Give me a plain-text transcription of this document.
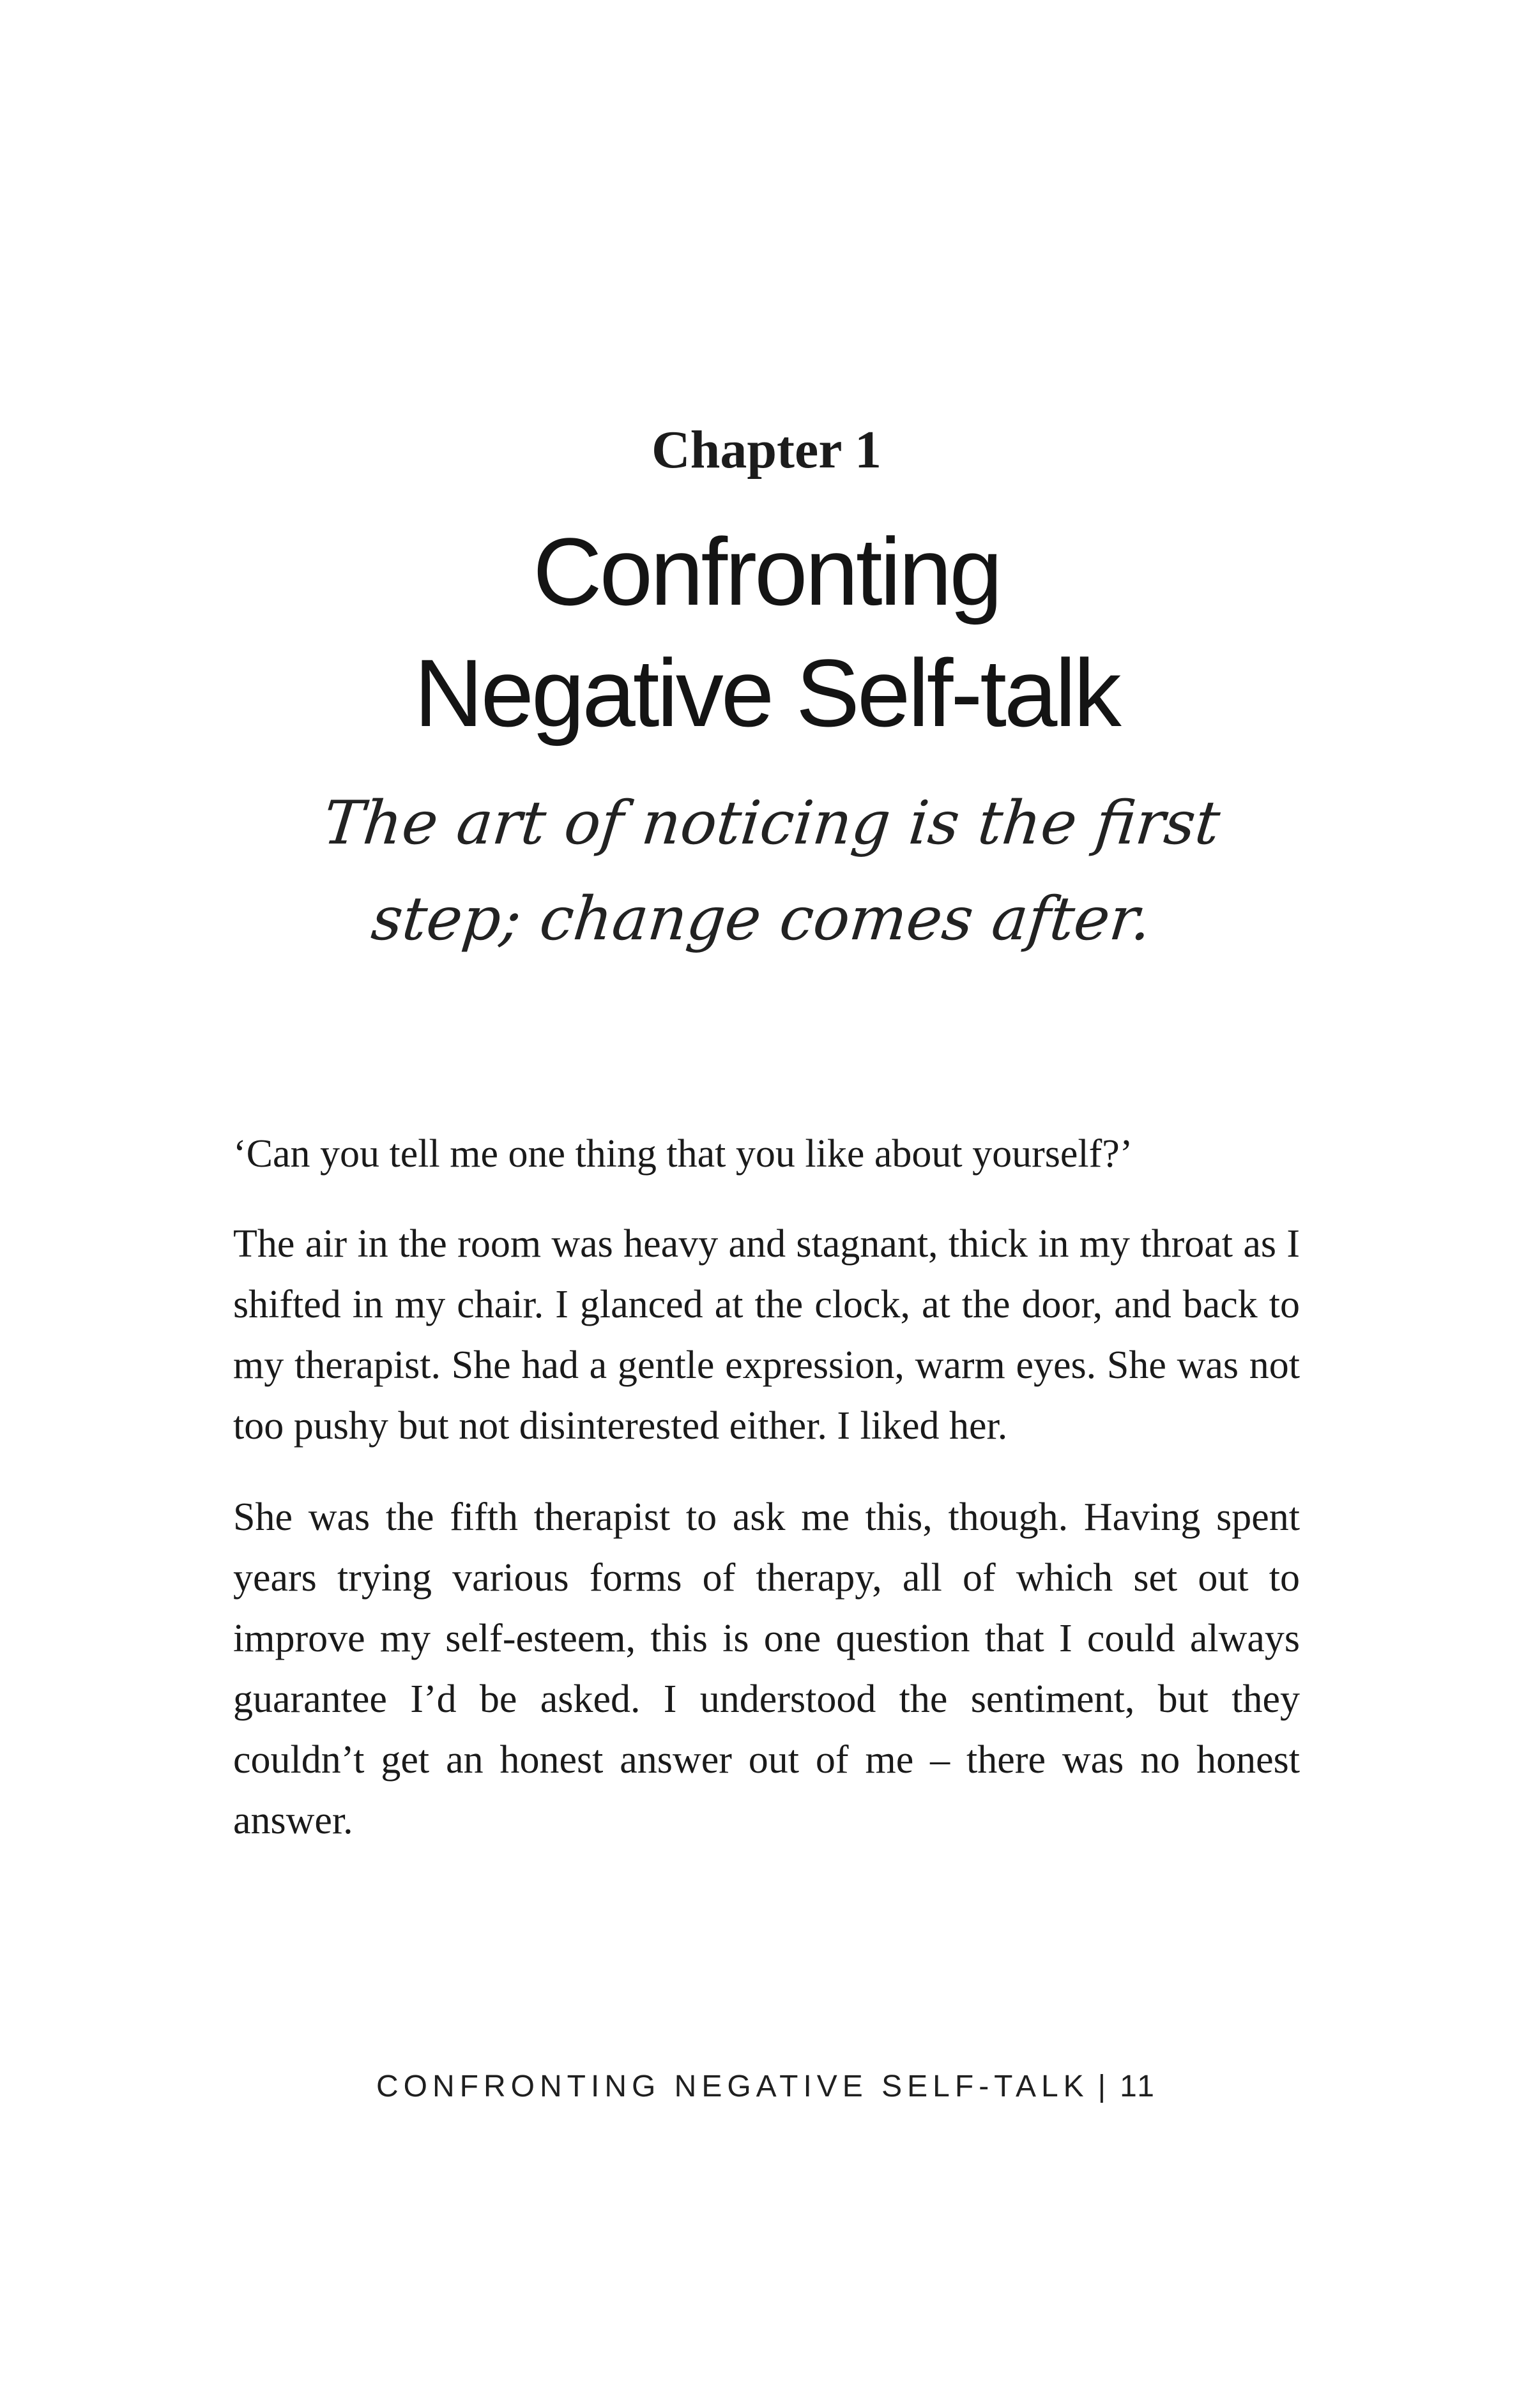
Chapter 1
Confronting
Negative Self-talk
The art of noticing is the first
step; change comes after.

‘Can you tell me one thing that you like about yourself?’

The air in the room was heavy and stagnant, thick in my throat as I shifted in my chair. I glanced at the clock, at the door, and back to my therapist. She had a gentle expression, warm eyes. She was not too pushy but not disinterested either. I liked her.

She was the fifth therapist to ask me this, though. Having spent years trying various forms of therapy, all of which set out to improve my self-esteem, this is one question that I could always guarantee I’d be asked. I understood the sentiment, but they couldn’t get an honest answer out of me – there was no honest answer.

CONFRONTING NEGATIVE SELF-TALK | 11
